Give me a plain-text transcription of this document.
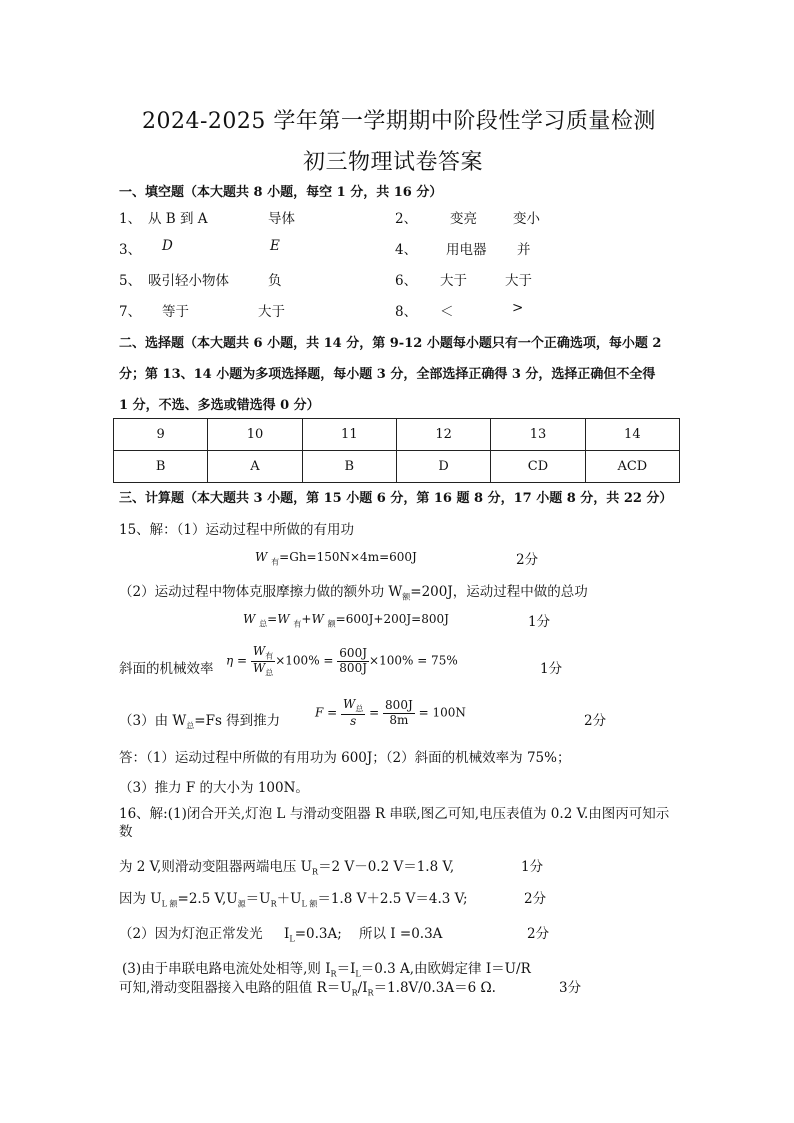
2024-2025 学年第一学期期中阶段性学习质量检测
初三物理试卷答案
一、填空题（本大题共 8 小题，每空 1 分，共 16 分）
1、 从 B 到 A	导体	2、 变亮	变小
3、 D	E	4、 用电器 并
5、 吸引轻小物体	负	6、 大于	大于
7、 等于	大于	8、 ＜	>
二、选择题（本大题共 6 小题，共 14 分，第 9-12 小题每小题只有一个正确选项，每小题 2
分；第 13、14 小题为多项选择题，每小题 3 分，全部选择正确得 3 分，选择正确但不全得
1 分，不选、多选或错选得 0 分）
9	10	11	12	13	14
B	A	B	D	CD	ACD
三、计算题（本大题共 3 小题，第 15 小题 6 分，第 16 题 8 分，17 小题 8 分，共 22 分）
15、解：（1）运动过程中所做的有用功
W $_有$=Gh=150N×4m=600J	2分
（2）运动过程中物体克服摩擦力做的额外功 $W_额=200J$，运动过程中做的总功
W $_总$=W $_有$+W $_额$=600J+200J=800J	1分
斜面的机械效率
$\eta = \frac{W_有}{W_总} \times 100\% = \frac{600J}{800J} \times 100\% = 75\%$
1分
（3）由 $W_总=Fs$ 得到推力
$F = \frac{W_总}{s} = \frac{800J}{8m} = 100N$
2分
答：（1）运动过程中所做的有用功为 600J；（2）斜面的机械效率为 75%；
（3）推力 F 的大小为 100N。
16、解:(1)闭合开关,灯泡 L 与滑动变阻器 R 串联,图乙可知,电压表值为 0.2 V.由图丙可知示
数
为 2 V,则滑动变阻器两端电压 $U_R=2$ V－0.2 V＝1.8 V,	1分
因为 $U_{L 额}=2.5$ $V,U_源=U_R+U_{L 额}=1.8$ V＋2.5 V＝4.3 V;	2分
（2）因为灯泡正常发光     $I_L=0.3A$; 所以 I =0.3A	2分
(3)由于串联电路电流处处相等,则 $I_R=I_L=0.3$ A,由欧姆定律 I＝U/R
可知,滑动变阻器接入电路的阻值 $R=U_R/I_R=1.8V/0.3A=6$ Ω.	3分
